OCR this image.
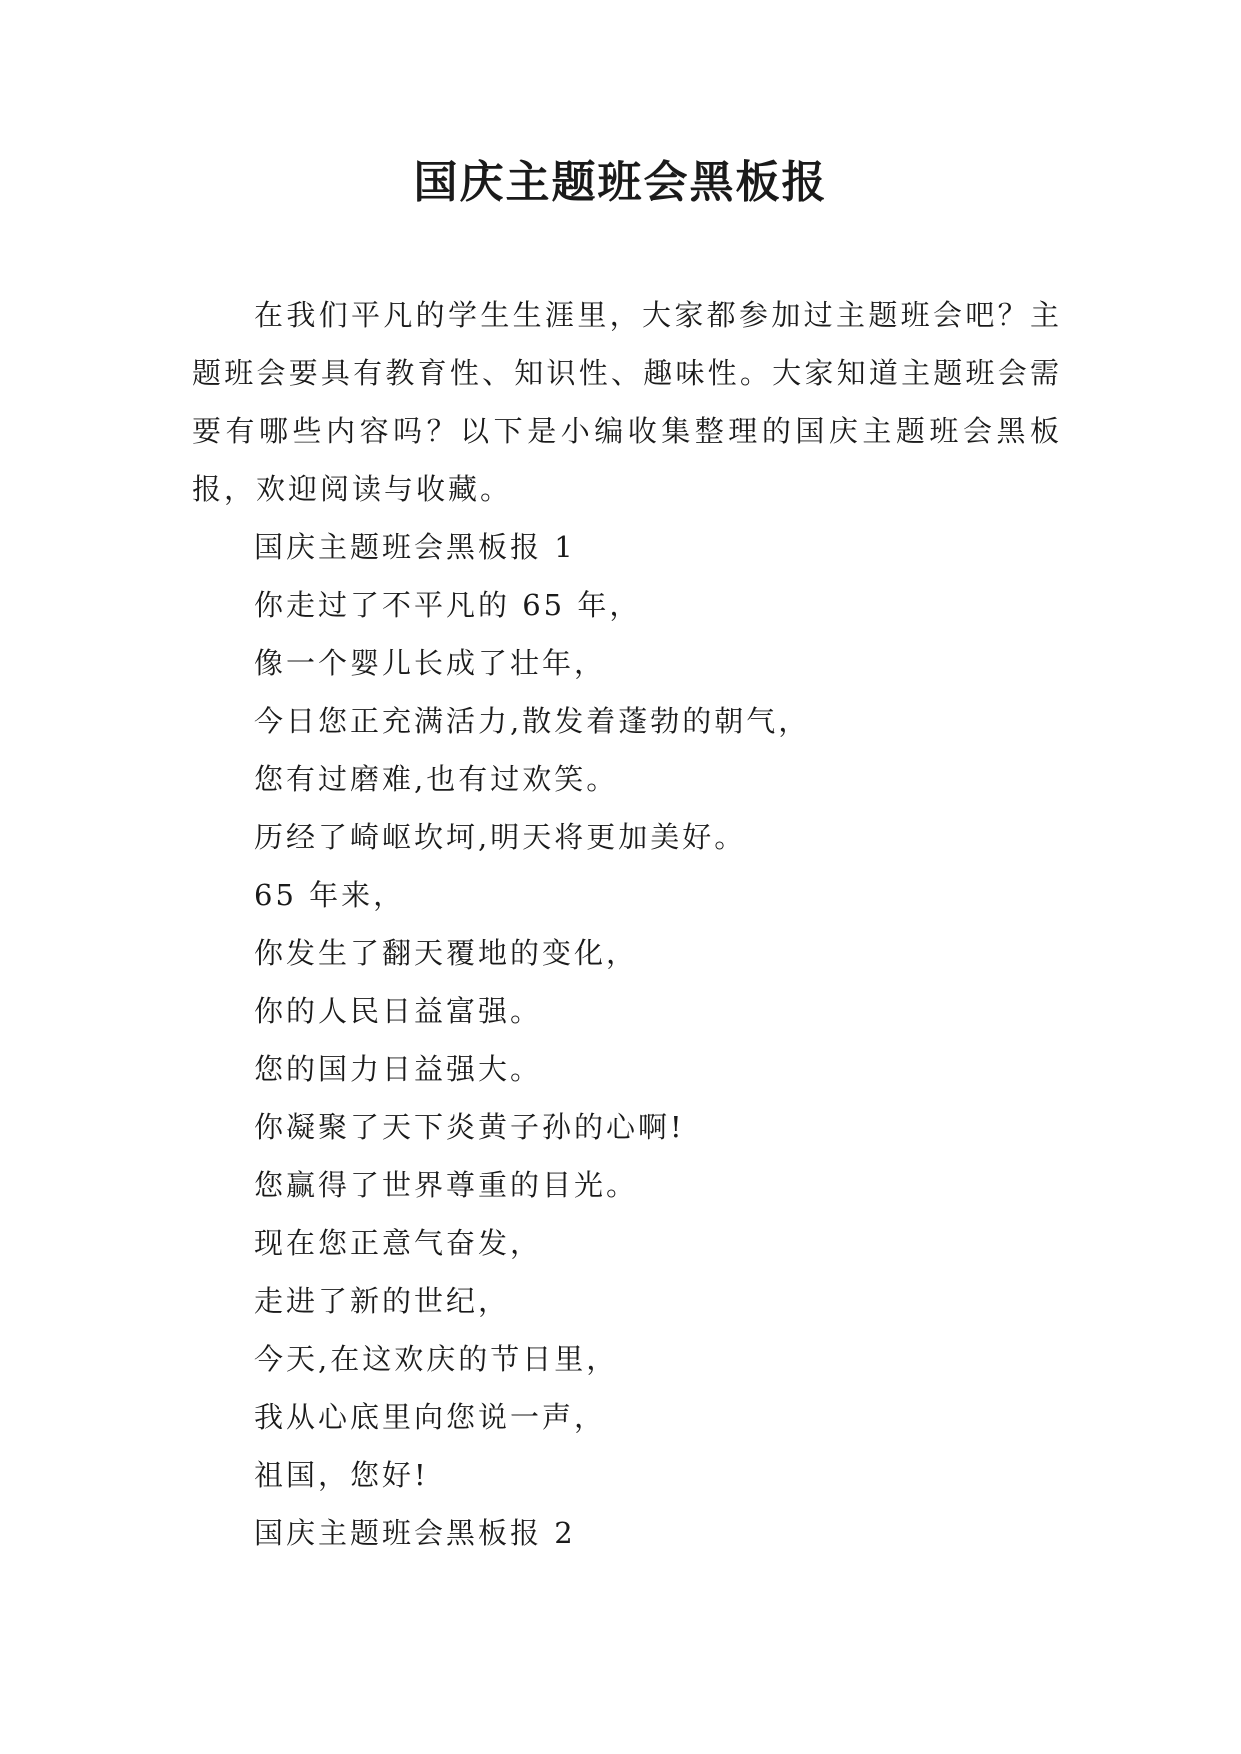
国庆主题班会黑板报

在我们平凡的学生生涯里，大家都参加过主题班会吧？主题班会要具有教育性、知识性、趣味性。大家知道主题班会需要有哪些内容吗？以下是小编收集整理的国庆主题班会黑板报，欢迎阅读与收藏。

国庆主题班会黑板报 1

你走过了不平凡的 65 年，

像一个婴儿长成了壮年，

今日您正充满活力,散发着蓬勃的朝气，

您有过磨难,也有过欢笑。

历经了崎岖坎坷,明天将更加美好。

65 年来，

你发生了翻天覆地的变化，

你的人民日益富强。

您的国力日益强大。

你凝聚了天下炎黄子孙的心啊!

您赢得了世界尊重的目光。

现在您正意气奋发，

走进了新的世纪，

今天,在这欢庆的节日里，

我从心底里向您说一声，

祖国，您好!

国庆主题班会黑板报 2
